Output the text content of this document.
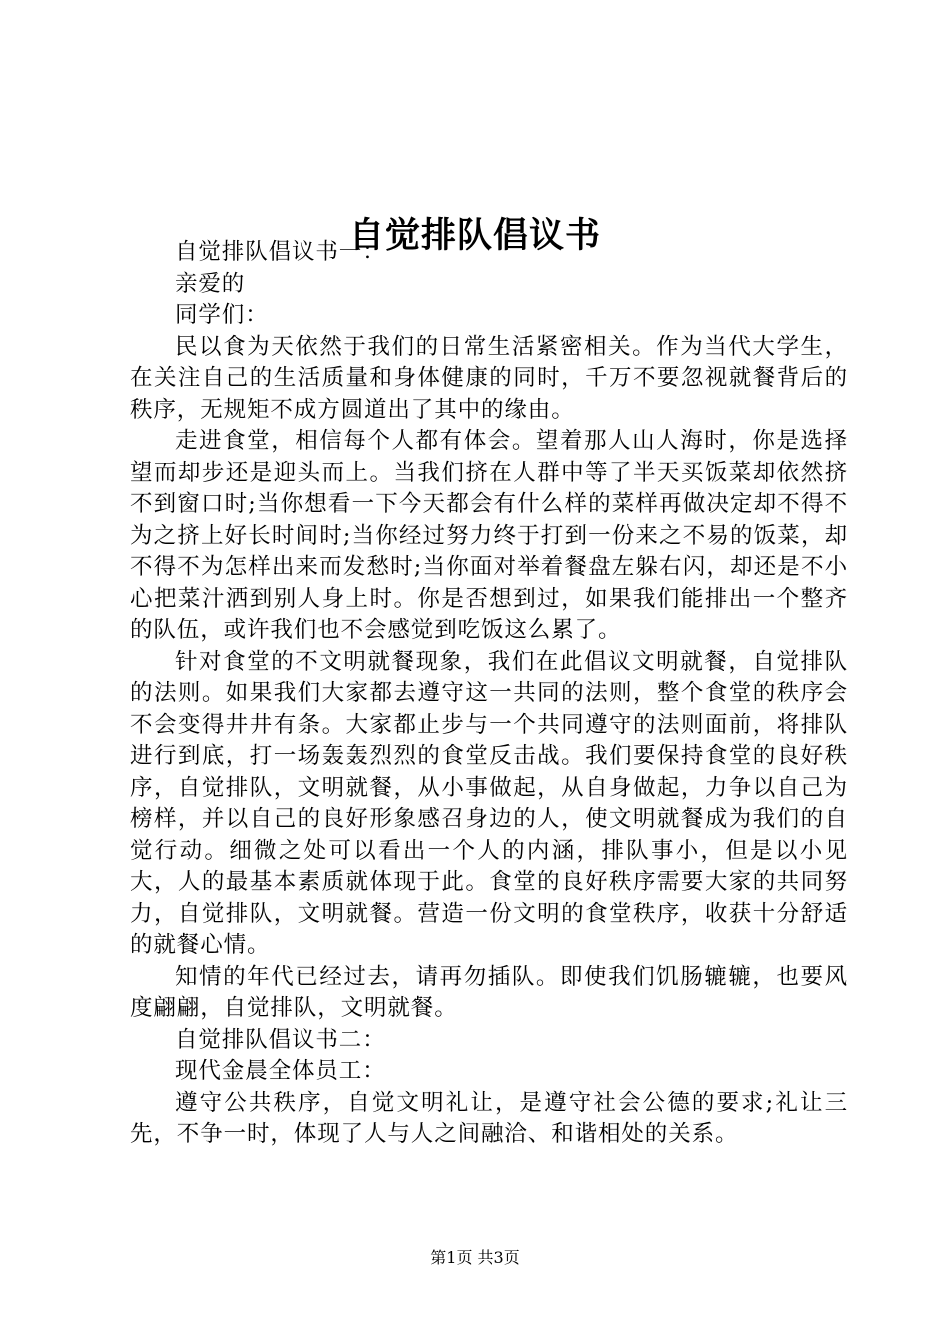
自觉排队倡议书

自觉排队倡议书一：

亲爱的

同学们：

民以食为天依然于我们的日常生活紧密相关。作为当代大学生，在关注自己的生活质量和身体健康的同时，千万不要忽视就餐背后的秩序，无规矩不成方圆道出了其中的缘由。

走进食堂，相信每个人都有体会。望着那人山人海时，你是选择望而却步还是迎头而上。当我们挤在人群中等了半天买饭菜却依然挤不到窗口时;当你想看一下今天都会有什么样的菜样再做决定却不得不为之挤上好长时间时;当你经过努力终于打到一份来之不易的饭菜，却不得不为怎样出来而发愁时;当你面对举着餐盘左躲右闪，却还是不小心把菜汁洒到别人身上时。你是否想到过，如果我们能排出一个整齐的队伍，或许我们也不会感觉到吃饭这么累了。

针对食堂的不文明就餐现象，我们在此倡议文明就餐，自觉排队的法则。如果我们大家都去遵守这一共同的法则，整个食堂的秩序会不会变得井井有条。大家都止步与一个共同遵守的法则面前，将排队进行到底，打一场轰轰烈烈的食堂反击战。我们要保持食堂的良好秩序，自觉排队，文明就餐，从小事做起，从自身做起，力争以自己为榜样，并以自己的良好形象感召身边的人，使文明就餐成为我们的自觉行动。细微之处可以看出一个人的内涵，排队事小，但是以小见大，人的最基本素质就体现于此。食堂的良好秩序需要大家的共同努力，自觉排队，文明就餐。营造一份文明的食堂秩序，收获十分舒适的就餐心情。

知情的年代已经过去，请再勿插队。即使我们饥肠辘辘，也要风度翩翩，自觉排队，文明就餐。

自觉排队倡议书二：

现代金晨全体员工：

遵守公共秩序，自觉文明礼让，是遵守社会公德的要求;礼让三先，不争一时，体现了人与人之间融洽、和谐相处的关系。

第1页 共3页
